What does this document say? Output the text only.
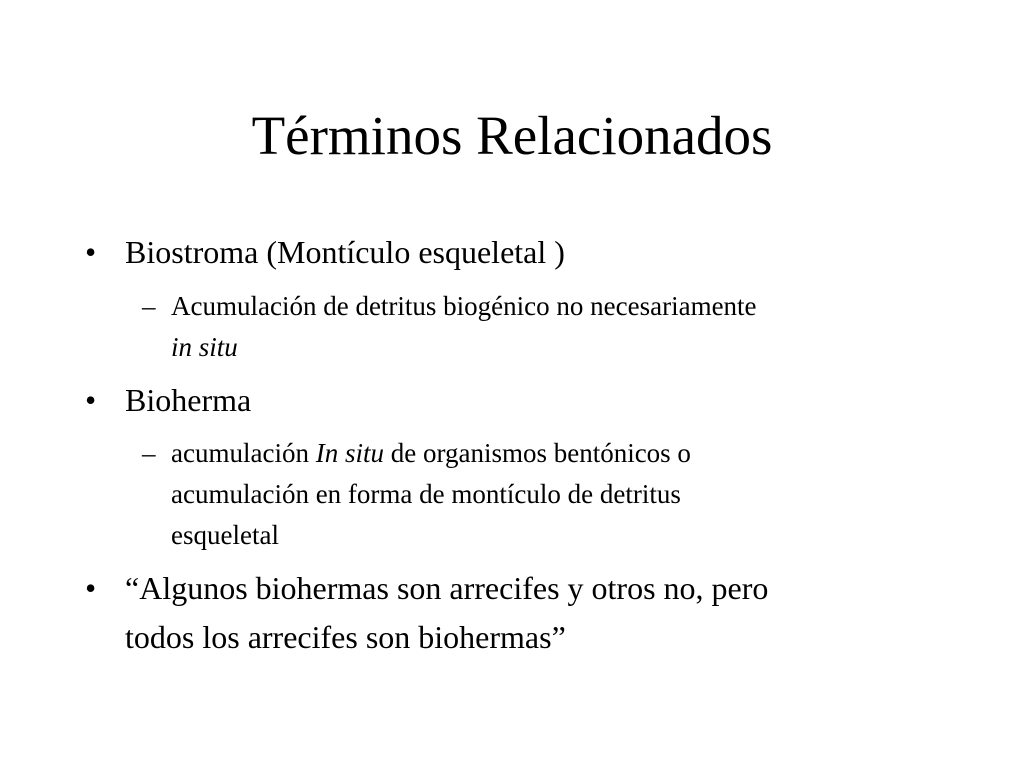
Términos Relacionados
• Biostroma (Montículo esqueletal )
– Acumulación de detritus biogénico no necesariamente
in situ
• Bioherma
– acumulación In situ de organismos bentónicos o
acumulación en forma de montículo de detritus
esqueletal
• “Algunos biohermas son arrecifes y otros no, pero
todos los arrecifes son biohermas”
